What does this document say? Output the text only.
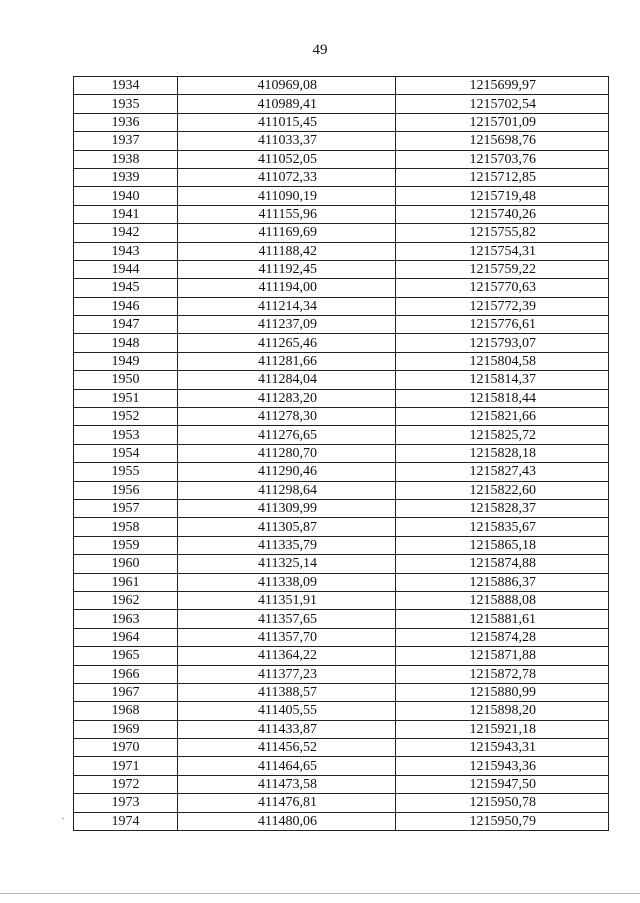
49
1934	410969,08	1215699,97
1935	410989,41	1215702,54
1936	411015,45	1215701,09
1937	411033,37	1215698,76
1938	411052,05	1215703,76
1939	411072,33	1215712,85
1940	411090,19	1215719,48
1941	411155,96	1215740,26
1942	411169,69	1215755,82
1943	411188,42	1215754,31
1944	411192,45	1215759,22
1945	411194,00	1215770,63
1946	411214,34	1215772,39
1947	411237,09	1215776,61
1948	411265,46	1215793,07
1949	411281,66	1215804,58
1950	411284,04	1215814,37
1951	411283,20	1215818,44
1952	411278,30	1215821,66
1953	411276,65	1215825,72
1954	411280,70	1215828,18
1955	411290,46	1215827,43
1956	411298,64	1215822,60
1957	411309,99	1215828,37
1958	411305,87	1215835,67
1959	411335,79	1215865,18
1960	411325,14	1215874,88
1961	411338,09	1215886,37
1962	411351,91	1215888,08
1963	411357,65	1215881,61
1964	411357,70	1215874,28
1965	411364,22	1215871,88
1966	411377,23	1215872,78
1967	411388,57	1215880,99
1968	411405,55	1215898,20
1969	411433,87	1215921,18
1970	411456,52	1215943,31
1971	411464,65	1215943,36
1972	411473,58	1215947,50
1973	411476,81	1215950,78
1974	411480,06	1215950,79
